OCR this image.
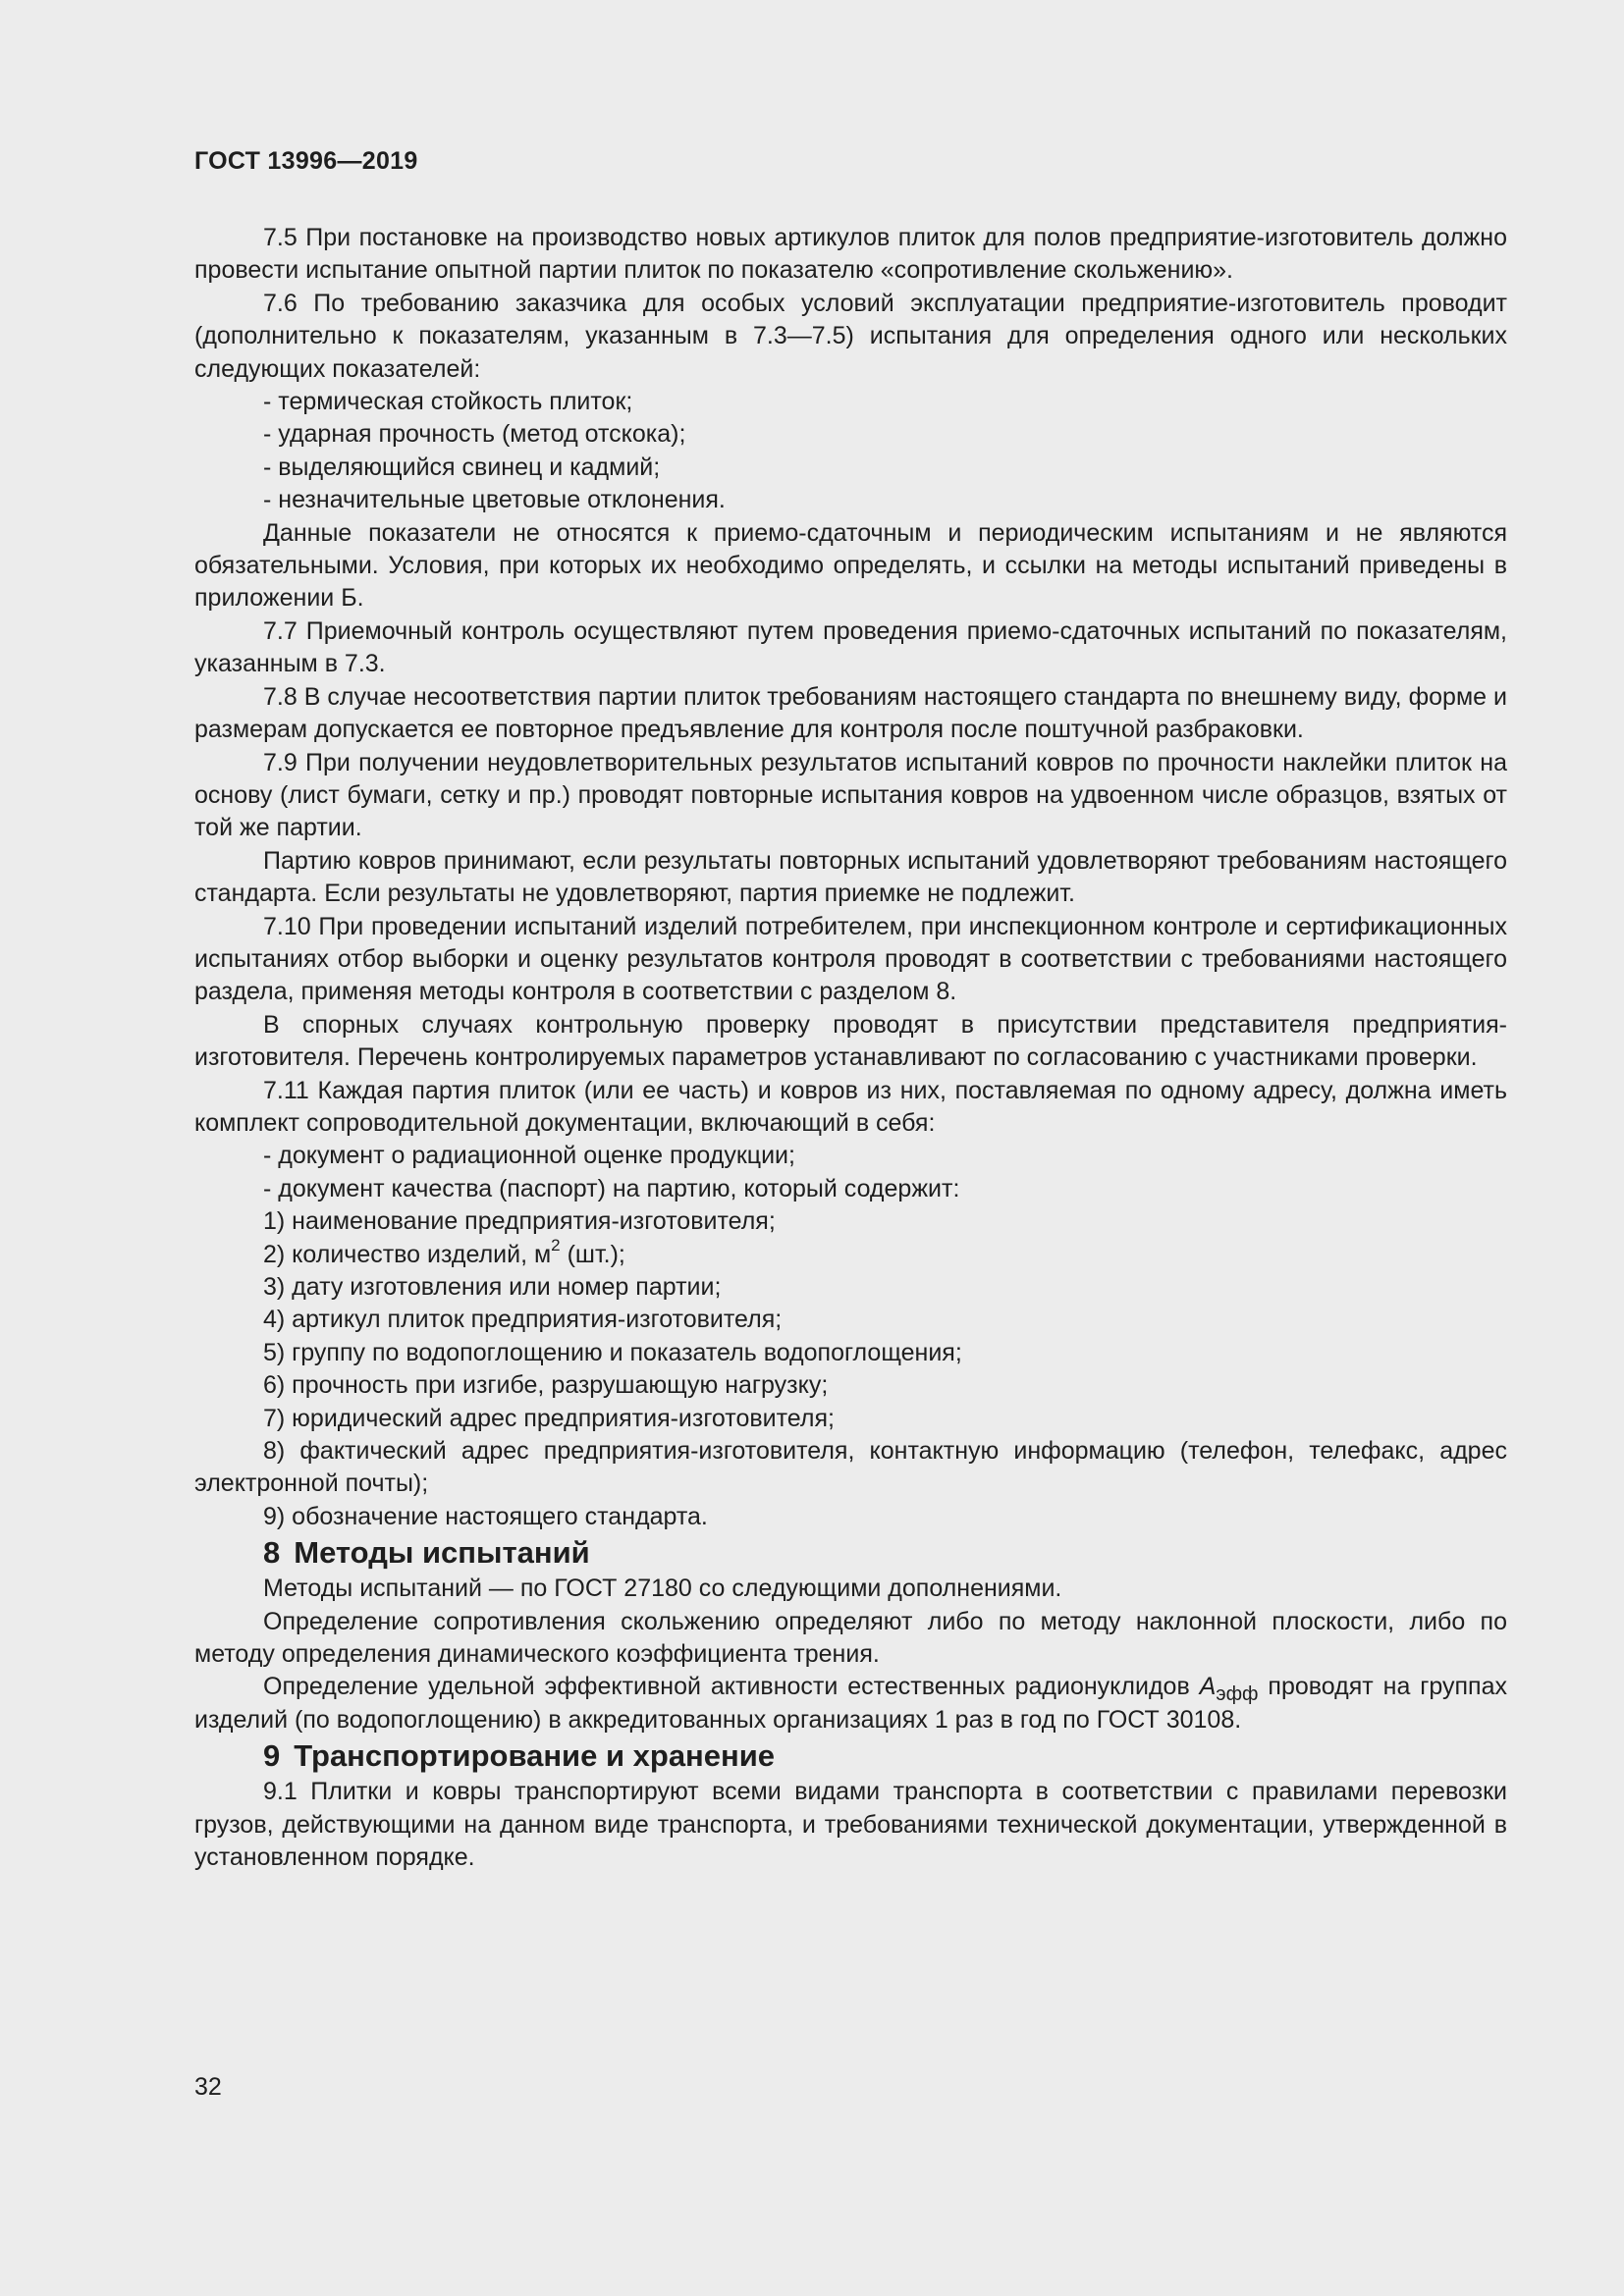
ГОСТ 13996—2019

7.5 При постановке на производство новых артикулов плиток для полов предприятие-изготовитель должно провести испытание опытной партии плиток по показателю «сопротивление скольжению».

7.6 По требованию заказчика для особых условий эксплуатации предприятие-изготовитель проводит (дополнительно к показателям, указанным в 7.3—7.5) испытания для определения одного или нескольких следующих показателей:

- термическая стойкость плиток;

- ударная прочность (метод отскока);

- выделяющийся свинец и кадмий;

- незначительные цветовые отклонения.

Данные показатели не относятся к приемо-сдаточным и периодическим испытаниям и не являются обязательными. Условия, при которых их необходимо определять, и ссылки на методы испытаний приведены в приложении Б.

7.7 Приемочный контроль осуществляют путем проведения приемо-сдаточных испытаний по показателям, указанным в 7.3.

7.8 В случае несоответствия партии плиток требованиям настоящего стандарта по внешнему виду, форме и размерам допускается ее повторное предъявление для контроля после поштучной разбраковки.

7.9 При получении неудовлетворительных результатов испытаний ковров по прочности наклейки плиток на основу (лист бумаги, сетку и пр.) проводят повторные испытания ковров на удвоенном числе образцов, взятых от той же партии.

Партию ковров принимают, если результаты повторных испытаний удовлетворяют требованиям настоящего стандарта. Если результаты не удовлетворяют, партия приемке не подлежит.

7.10 При проведении испытаний изделий потребителем, при инспекционном контроле и сертификационных испытаниях отбор выборки и оценку результатов контроля проводят в соответствии с требованиями настоящего раздела, применяя методы контроля в соответствии с разделом 8.

В спорных случаях контрольную проверку проводят в присутствии представителя предприятия-изготовителя. Перечень контролируемых параметров устанавливают по согласованию с участниками проверки.

7.11 Каждая партия плиток (или ее часть) и ковров из них, поставляемая по одному адресу, должна иметь комплект сопроводительной документации, включающий в себя:

- документ о радиационной оценке продукции;

- документ качества (паспорт) на партию, который содержит:

1) наименование предприятия-изготовителя;

2) количество изделий, $м^2$ (шт.);

3) дату изготовления или номер партии;

4) артикул плиток предприятия-изготовителя;

5) группу по водопоглощению и показатель водопоглощения;

6) прочность при изгибе, разрушающую нагрузку;

7) юридический адрес предприятия-изготовителя;

8) фактический адрес предприятия-изготовителя, контактную информацию (телефон, телефакс, адрес электронной почты);

9) обозначение настоящего стандарта.

8 Методы испытаний

Методы испытаний — по ГОСТ 27180 со следующими дополнениями.

Определение сопротивления скольжению определяют либо по методу наклонной плоскости, либо по методу определения динамического коэффициента трения.

Определение удельной эффективной активности естественных радионуклидов $A_{эфф}$ проводят на группах изделий (по водопоглощению) в аккредитованных организациях 1 раз в год по ГОСТ 30108.

9 Транспортирование и хранение

9.1 Плитки и ковры транспортируют всеми видами транспорта в соответствии с правилами перевозки грузов, действующими на данном виде транспорта, и требованиями технической документации, утвержденной в установленном порядке.

32
